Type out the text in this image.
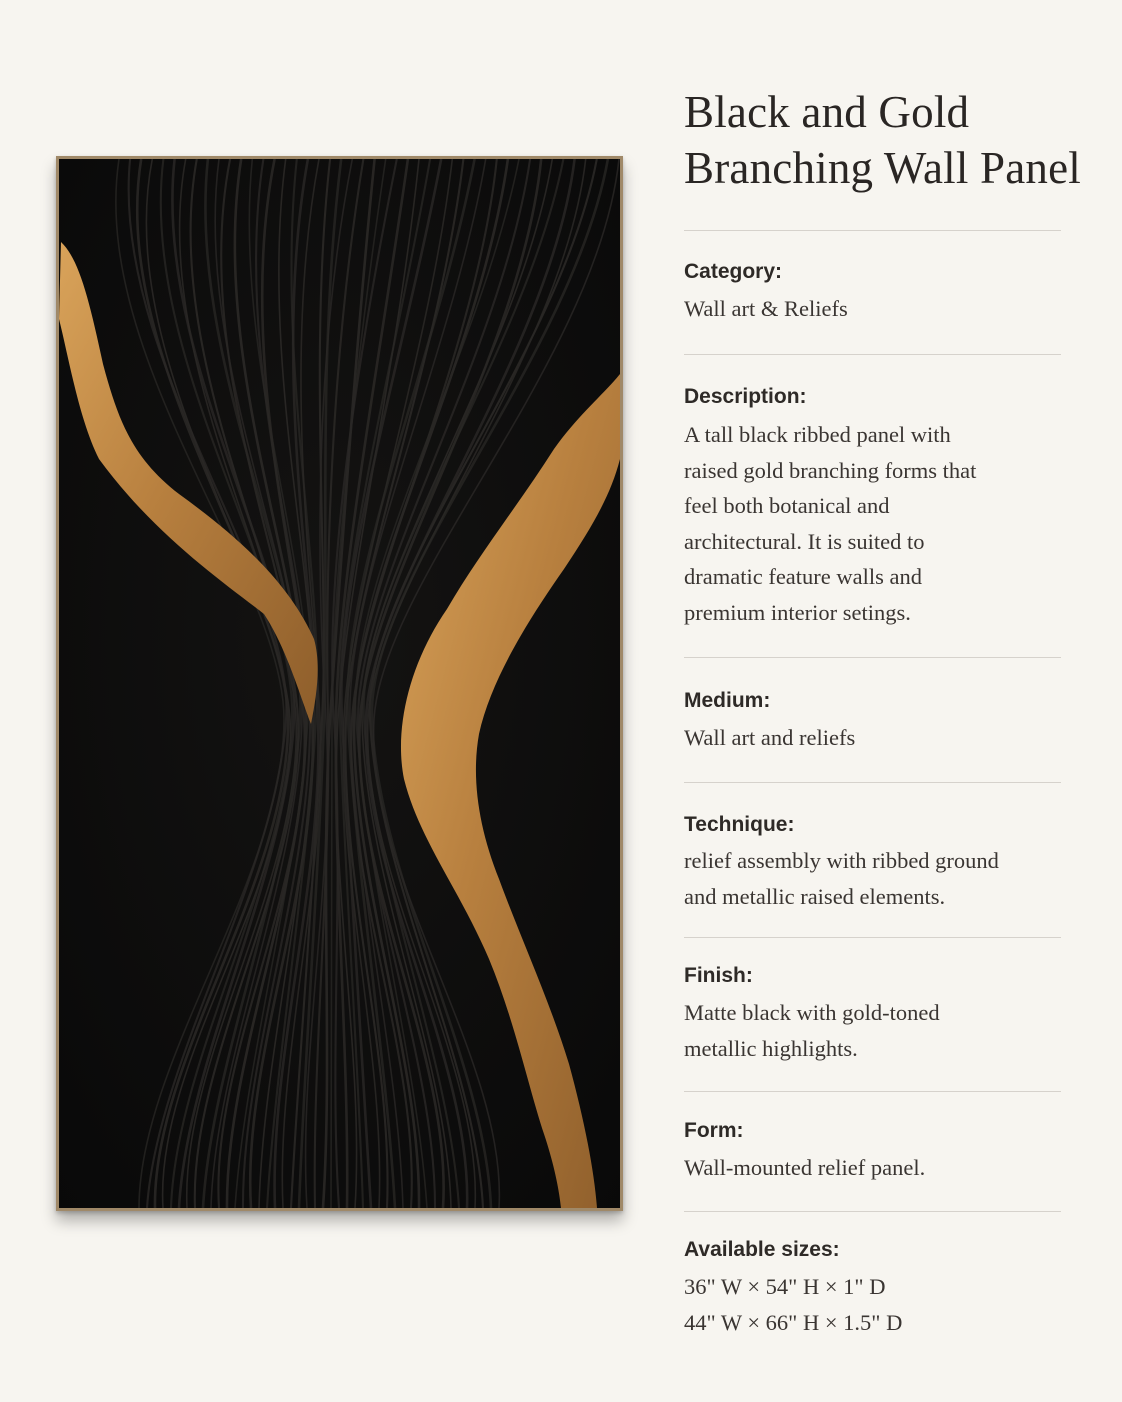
Black and Gold
Branching Wall Panel
Category:
Wall art & Reliefs
Description:
A tall black ribbed panel with
raised gold branching forms that
feel both botanical and
architectural. It is suited to
dramatic feature walls and
premium interior setings.
Medium:
Wall art and reliefs
Technique:
relief assembly with ribbed ground
and metallic raised elements.
Finish:
Matte black with gold-toned
metallic highlights.
Form:
Wall-mounted relief panel.
Available sizes:
36" W × 54" H × 1" D
44" W × 66" H × 1.5" D
